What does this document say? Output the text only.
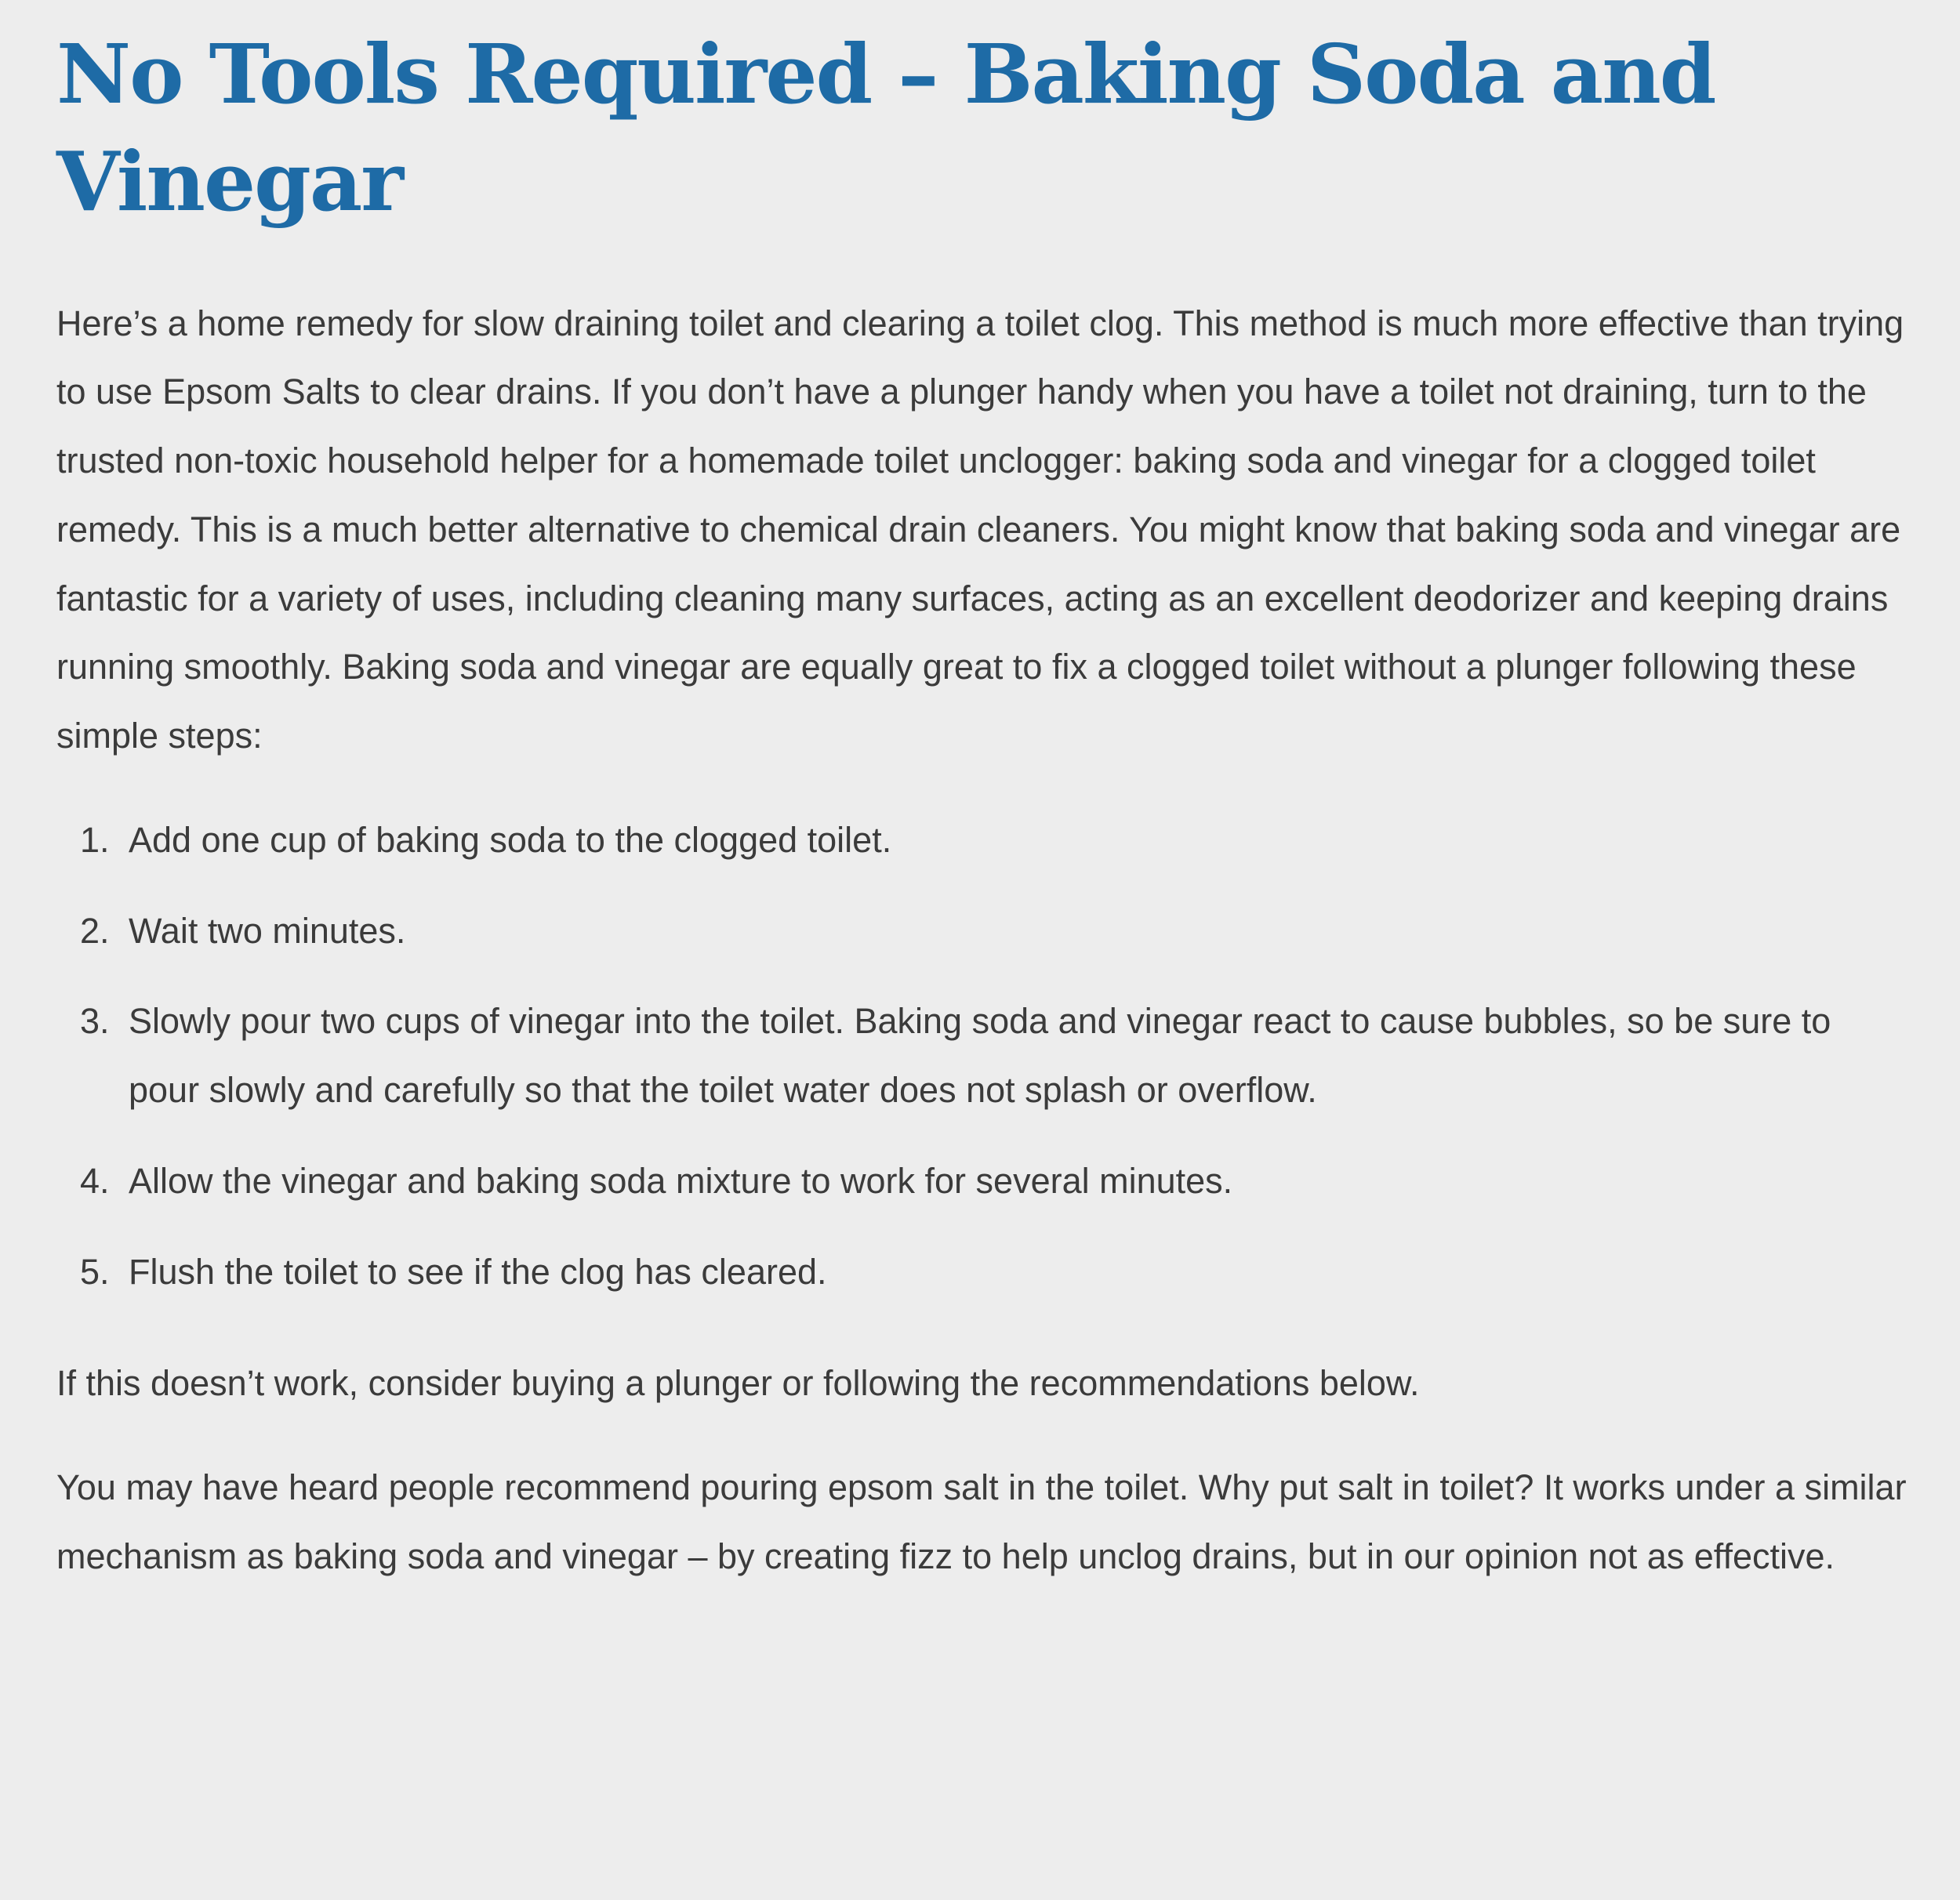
No Tools Required – Baking Soda and Vinegar

Here’s a home remedy for slow draining toilet and clearing a toilet clog. This method is much more effective than trying to use Epsom Salts to clear drains. If you don’t have a plunger handy when you have a toilet not draining, turn to the trusted non-toxic household helper for a homemade toilet unclogger: baking soda and vinegar for a clogged toilet remedy. This is a much better alternative to chemical drain cleaners. You might know that baking soda and vinegar are fantastic for a variety of uses, including cleaning many surfaces, acting as an excellent deodorizer and keeping drains running smoothly. Baking soda and vinegar are equally great to fix a clogged toilet without a plunger following these simple steps:

1. Add one cup of baking soda to the clogged toilet.
2. Wait two minutes.
3. Slowly pour two cups of vinegar into the toilet. Baking soda and vinegar react to cause bubbles, so be sure to pour slowly and carefully so that the toilet water does not splash or overflow.
4. Allow the vinegar and baking soda mixture to work for several minutes.
5. Flush the toilet to see if the clog has cleared.

If this doesn’t work, consider buying a plunger or following the recommendations below.

You may have heard people recommend pouring epsom salt in the toilet. Why put salt in toilet? It works under a similar mechanism as baking soda and vinegar – by creating fizz to help unclog drains, but in our opinion not as effective.
